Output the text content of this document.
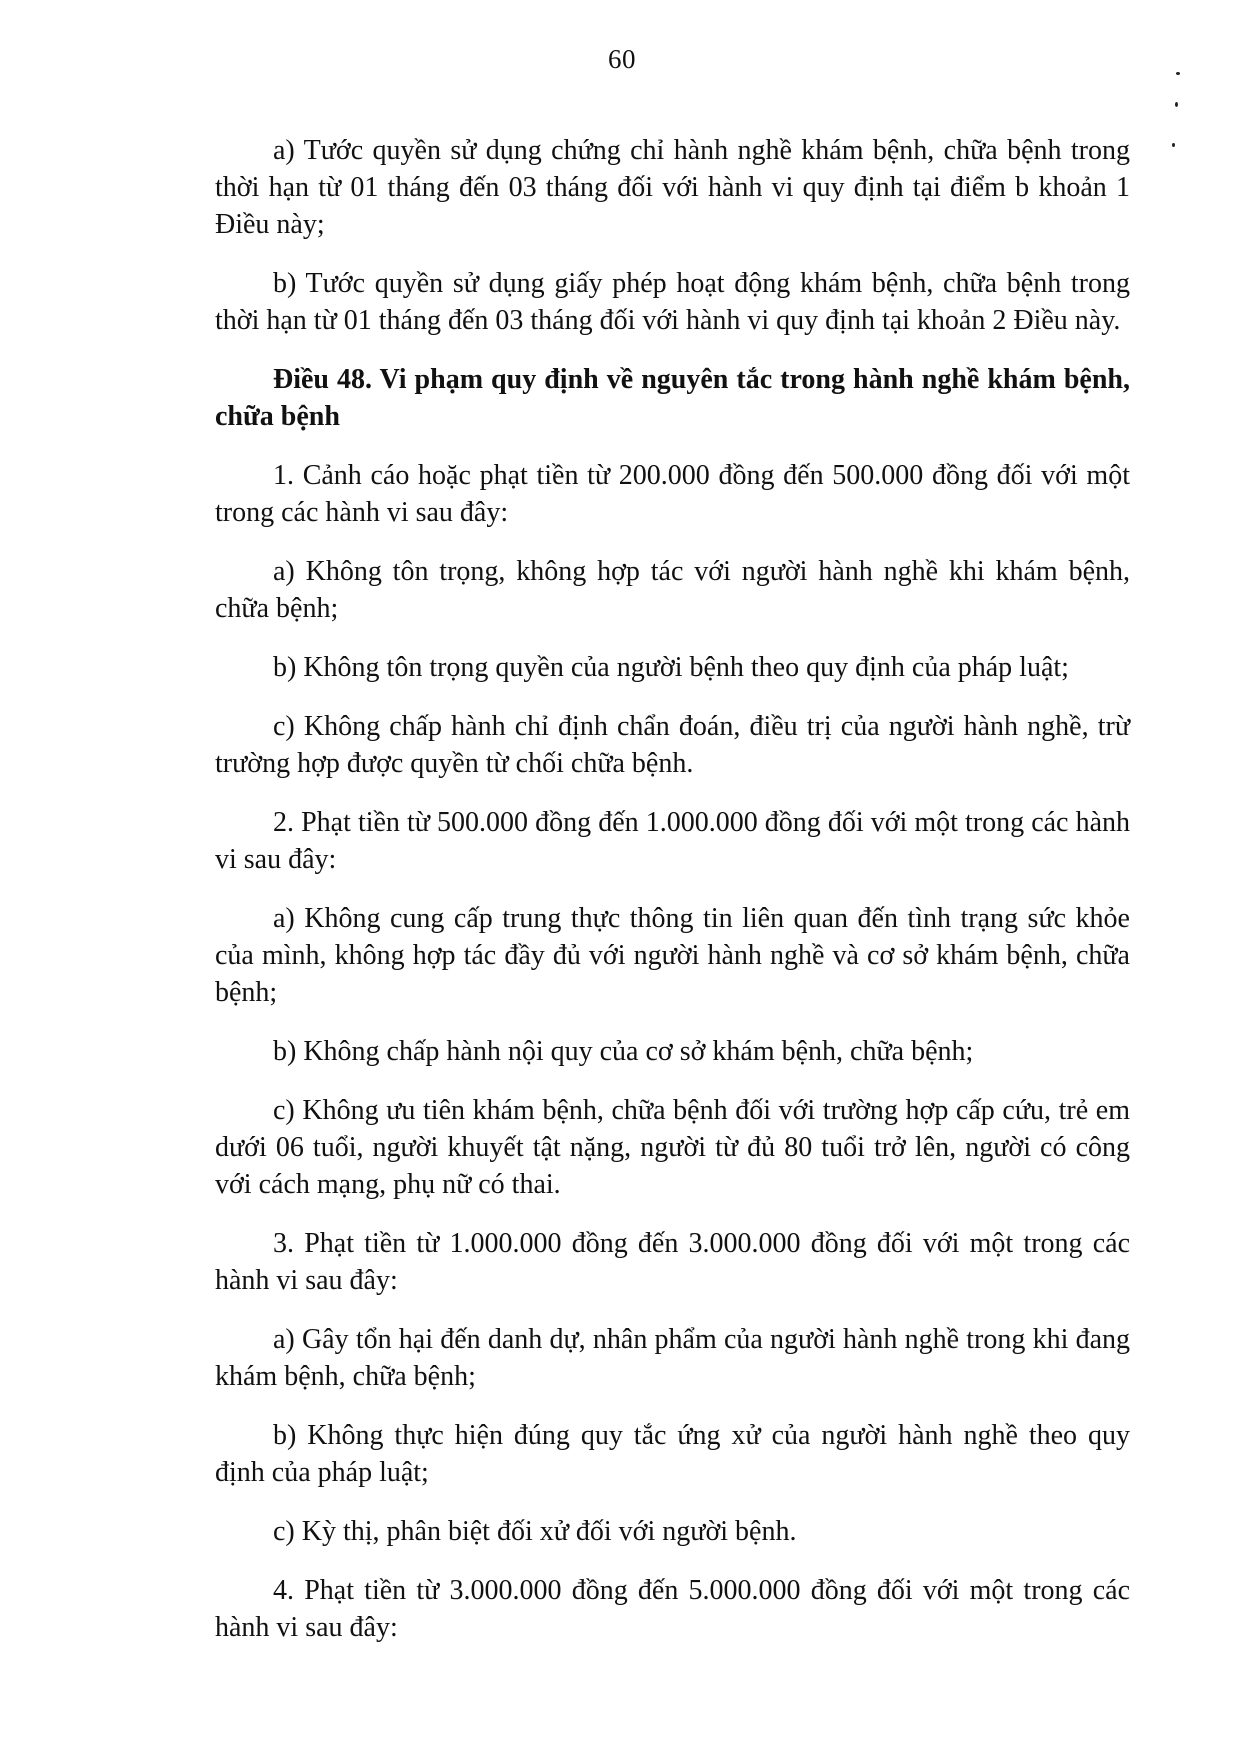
60

a) Tước quyền sử dụng chứng chỉ hành nghề khám bệnh, chữa bệnh trong thời hạn từ 01 tháng đến 03 tháng đối với hành vi quy định tại điểm b khoản 1 Điều này;

b) Tước quyền sử dụng giấy phép hoạt động khám bệnh, chữa bệnh trong thời hạn từ 01 tháng đến 03 tháng đối với hành vi quy định tại khoản 2 Điều này.

Điều 48. Vi phạm quy định về nguyên tắc trong hành nghề khám bệnh, chữa bệnh

1. Cảnh cáo hoặc phạt tiền từ 200.000 đồng đến 500.000 đồng đối với một trong các hành vi sau đây:

a) Không tôn trọng, không hợp tác với người hành nghề khi khám bệnh, chữa bệnh;

b) Không tôn trọng quyền của người bệnh theo quy định của pháp luật;

c) Không chấp hành chỉ định chẩn đoán, điều trị của người hành nghề, trừ trường hợp được quyền từ chối chữa bệnh.

2. Phạt tiền từ 500.000 đồng đến 1.000.000 đồng đối với một trong các hành vi sau đây:

a) Không cung cấp trung thực thông tin liên quan đến tình trạng sức khỏe của mình, không hợp tác đầy đủ với người hành nghề và cơ sở khám bệnh, chữa bệnh;

b) Không chấp hành nội quy của cơ sở khám bệnh, chữa bệnh;

c) Không ưu tiên khám bệnh, chữa bệnh đối với trường hợp cấp cứu, trẻ em dưới 06 tuổi, người khuyết tật nặng, người từ đủ 80 tuổi trở lên, người có công với cách mạng, phụ nữ có thai.

3. Phạt tiền từ 1.000.000 đồng đến 3.000.000 đồng đối với một trong các hành vi sau đây:

a) Gây tổn hại đến danh dự, nhân phẩm của người hành nghề trong khi đang khám bệnh, chữa bệnh;

b) Không thực hiện đúng quy tắc ứng xử của người hành nghề theo quy định của pháp luật;

c) Kỳ thị, phân biệt đối xử đối với người bệnh.

4. Phạt tiền từ 3.000.000 đồng đến 5.000.000 đồng đối với một trong các hành vi sau đây:
